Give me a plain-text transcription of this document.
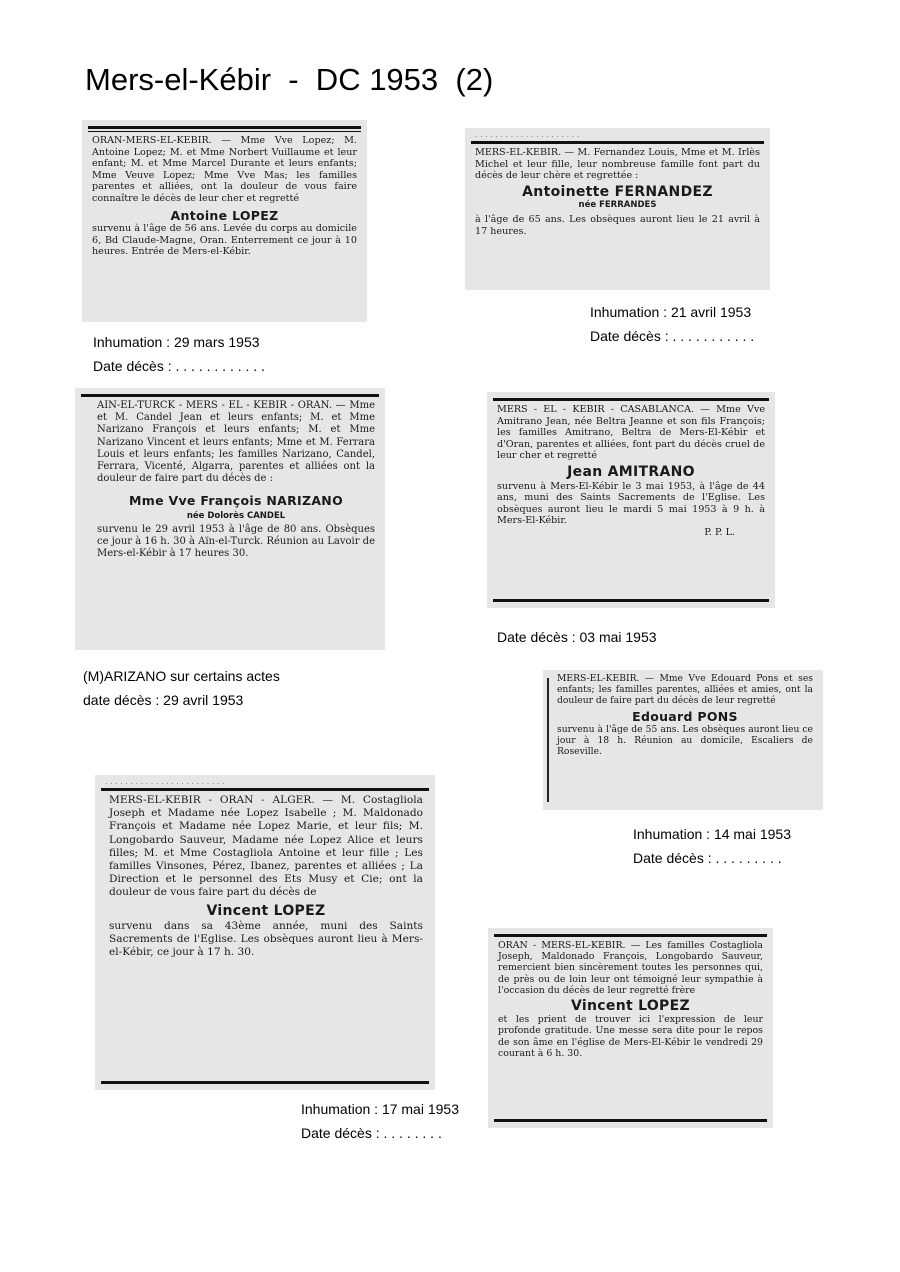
Mers-el-Kébir  -  DC 1953  (2)
ORAN-MERS-EL-KEBIR. — Mme Vve Lopez; M. Antoine Lopez; M. et Mme Norbert Vuillaume et leur enfant; M. et Mme Marcel Durante et leurs enfants; Mme Veuve Lopez; Mme Vve Mas; les familles parentes et alliées, ont la douleur de vous faire connaître le décès de leur cher et regretté
Antoine LOPEZ
survenu à l'âge de 56 ans. Levée du corps au domicile 6, Bd Claude-Magne, Oran. Enterrement ce jour à 10 heures. Entrée de Mers-el-Kébir.
Inhumation : 29 mars 1953
Date décès : . . . . . . . . . . . .
. . . . . . . . . . . . . . . . . . . . .
MERS-EL-KEBIR. — M. Fernandez Louis, Mme et M. Irlès Michel et leur fille, leur nombreuse famille font part du décès de leur chère et regrettée :
Antoinette FERNANDEZ
née FERRANDES
à l'âge de 65 ans. Les obsèques auront lieu le 21 avril à 17 heures.
Inhumation : 21 avril 1953
Date décès : . . . . . . . . . . .
AIN-EL-TURCK - MERS - EL - KEBIR - ORAN. — Mme et M. Candel Jean et leurs enfants; M. et Mme Narizano François et leurs enfants; M. et Mme Narizano Vincent et leurs enfants; Mme et M. Ferrara Louis et leurs enfants; les familles Narizano, Candel, Ferrara, Vicenté, Algarra, parentes et alliées ont la douleur de faire part du décès de :
Mme Vve François NARIZANO
née Dolorès CANDEL
survenu le 29 avril 1953 à l'âge de 80 ans. Obsèques ce jour à 16 h. 30 à Aïn-el-Turck. Réunion au Lavoir de Mers-el-Kébir à 17 heures 30.
(M)ARIZANO sur certains actes
date décès : 29 avril 1953
MERS - EL - KEBIR - CASABLANCA. — Mme Vve Amitrano Jean, née Beltra Jeanne et son fils François; les familles Amitrano, Beltra de Mers-El-Kébir et d'Oran, parentes et alliées, font part du décès cruel de leur cher et regretté
Jean AMITRANO
survenu à Mers-El-Kébir le 3 mai 1953, à l'âge de 44 ans, muni des Saints Sacrements de l'Eglise. Les obsèques auront lieu le mardi 5 mai 1953 à 9 h. à Mers-El-Kébir.
P. P. L.
Date décès : 03 mai 1953
MERS-EL-KEBIR. — Mme Vve Edouard Pons et ses enfants; les familles parentes, alliées et amies, ont la douleur de faire part du décès de leur regretté
Edouard PONS
survenu à l'âge de 55 ans. Les obsèques auront lieu ce jour à 18 h. Réunion au domicile, Escaliers de Roseville.
Inhumation : 14 mai 1953
Date décès : . . . . . . . . .
. . . . . . . . . . . . . . . . . . . . . . . .
MERS-EL-KEBIR - ORAN - ALGER. — M. Costagliola Joseph et Madame née Lopez Isabelle ; M. Maldonado François et Madame née Lopez Marie, et leur fils; M. Longobardo Sauveur, Madame née Lopez Alice et leurs filles; M. et Mme Costagliola Antoine et leur fille ; Les familles Vinsones, Pérez, Ibanez, parentes et alliées ; La Direction et le personnel des Ets Musy et Cie; ont la douleur de vous faire part du décès de
Vincent LOPEZ
survenu dans sa 43ème année, muni des Saints Sacrements de l'Eglise. Les obsèques auront lieu à Mers-el-Kébir, ce jour à 17 h. 30.
Inhumation : 17 mai 1953
Date décès : . . . . . . . .
ORAN - MERS-EL-KEBIR. — Les familles Costagliola Joseph, Maldonado François, Longobardo Sauveur, remercient bien sincèrement toutes les personnes qui, de près ou de loin leur ont témoigné leur sympathie à l'occasion du décès de leur regretté frère
Vincent LOPEZ
et les prient de trouver ici l'expression de leur profonde gratitude. Une messe sera dite pour le repos de son âme en l'église de Mers-El-Kébir le vendredi 29 courant à 6 h. 30.
